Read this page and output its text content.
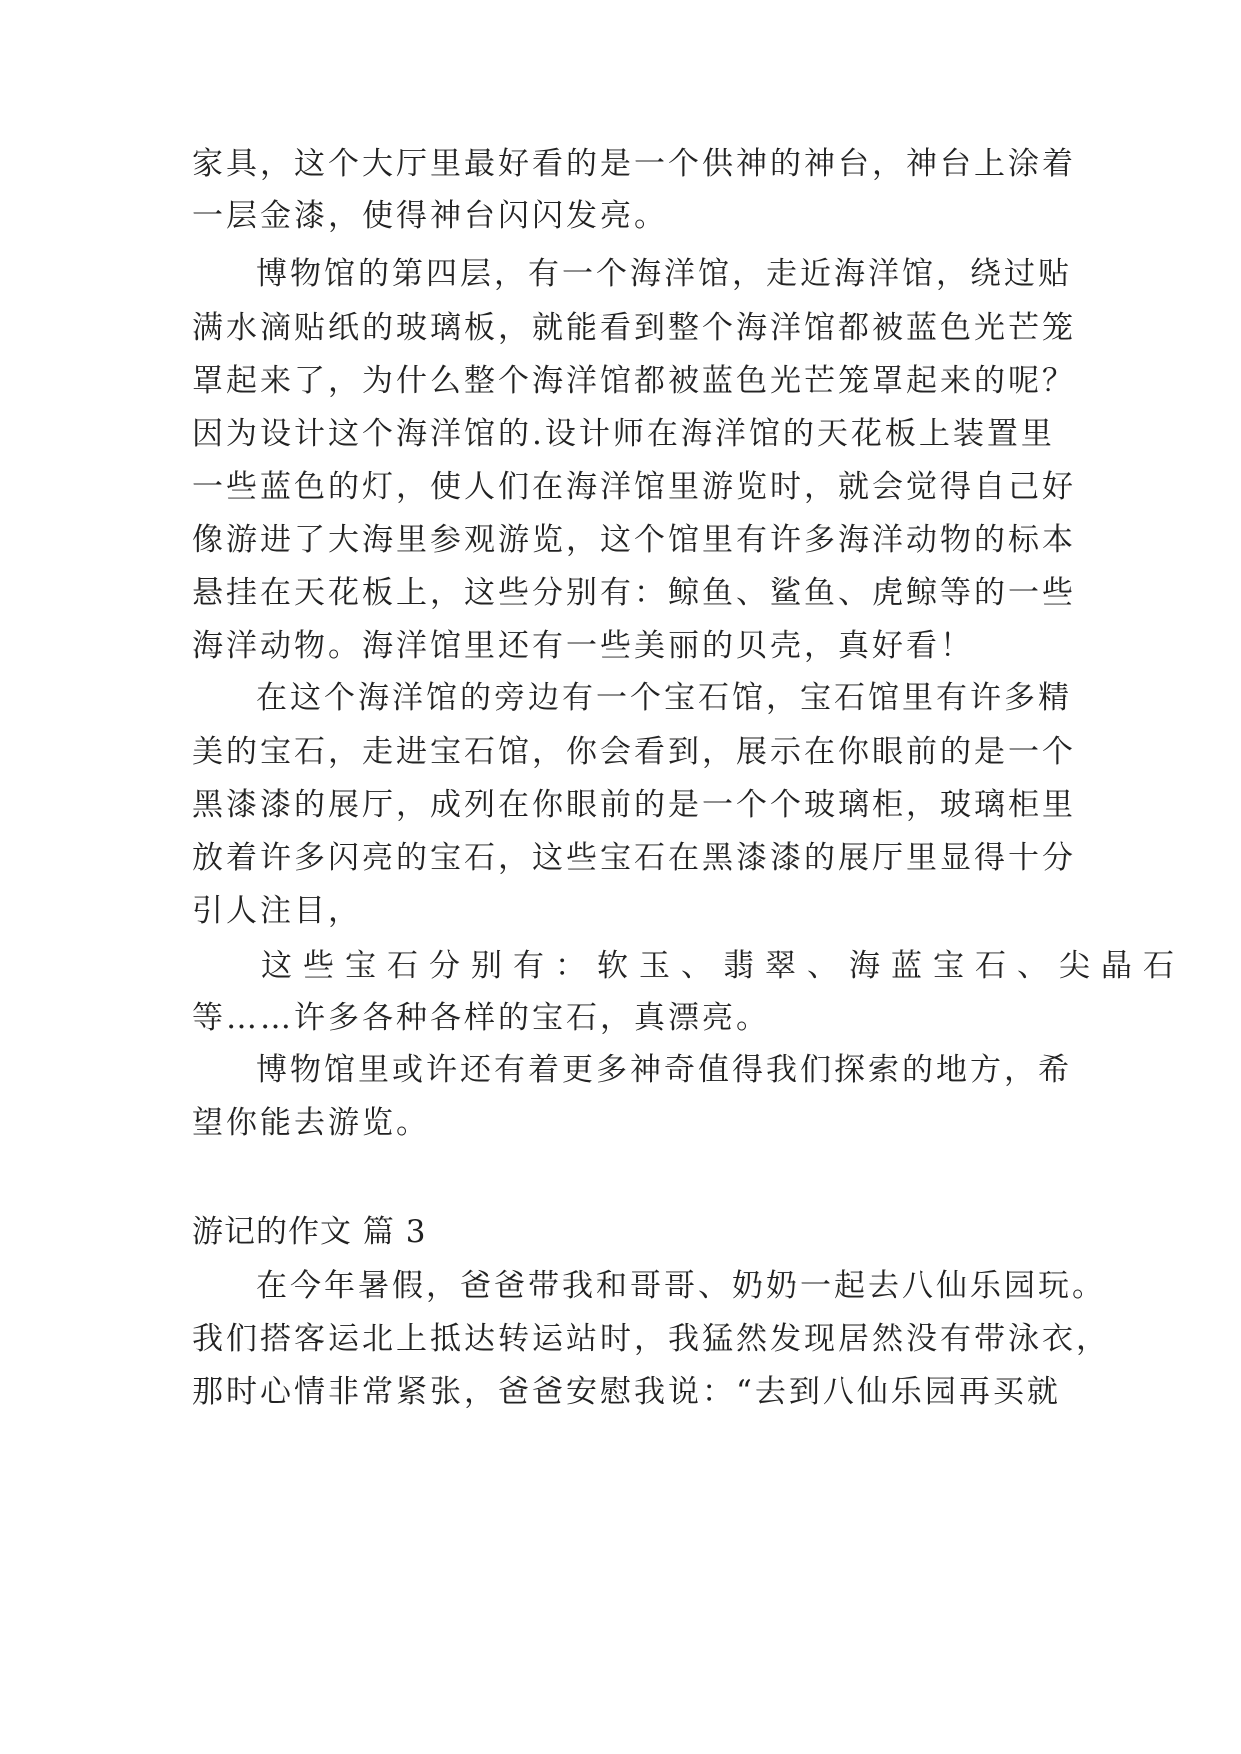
家具，这个大厅里最好看的是一个供神的神台，神台上涂着
一层金漆，使得神台闪闪发亮。
博物馆的第四层，有一个海洋馆，走近海洋馆，绕过贴
满水滴贴纸的玻璃板，就能看到整个海洋馆都被蓝色光芒笼
罩起来了，为什么整个海洋馆都被蓝色光芒笼罩起来的呢？
因为设计这个海洋馆的.设计师在海洋馆的天花板上装置里
一些蓝色的灯，使人们在海洋馆里游览时，就会觉得自己好
像游进了大海里参观游览，这个馆里有许多海洋动物的标本
悬挂在天花板上，这些分别有：鲸鱼、鲨鱼、虎鲸等的一些
海洋动物。海洋馆里还有一些美丽的贝壳，真好看！
在这个海洋馆的旁边有一个宝石馆，宝石馆里有许多精
美的宝石，走进宝石馆，你会看到，展示在你眼前的是一个
黑漆漆的展厅，成列在你眼前的是一个个玻璃柜，玻璃柜里
放着许多闪亮的宝石，这些宝石在黑漆漆的展厅里显得十分
引人注目，
这些宝石分别有：软玉、翡翠、海蓝宝石、尖晶石
等……许多各种各样的宝石，真漂亮。
博物馆里或许还有着更多神奇值得我们探索的地方，希
望你能去游览。
游记的作文 篇 3
在今年暑假，爸爸带我和哥哥、奶奶一起去八仙乐园玩。
我们搭客运北上抵达转运站时，我猛然发现居然没有带泳衣，
那时心情非常紧张，爸爸安慰我说：“去到八仙乐园再买就
